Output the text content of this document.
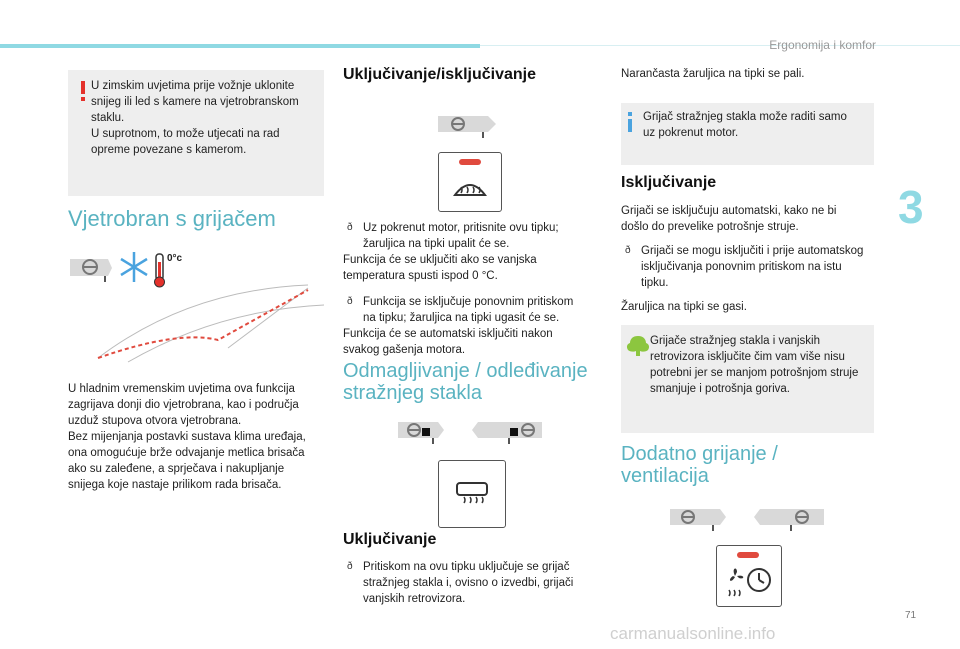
Ergonomija i komfor
3
U zimskim uvjetima prije vožnje uklonite
snijeg ili led s kamere na vjetrobranskom
staklu.
U suprotnom, to može utjecati na rad
opreme povezane s kamerom.
Vjetrobran s grijačem
0°c
U hladnim vremenskim uvjetima ova funkcija
zagrijava donji dio vjetrobrana, kao i područja
uzduž stupova otvora vjetrobrana.
Bez mijenjanja postavki sustava klima uređaja,
ona omogućuje brže odvajanje metlica brisača
ako su zaleđene, a sprječava i nakupljanje
snijega koje nastaje prilikom rada brisača.
Uključivanje/isključivanje
ð Uz pokrenut motor, pritisnite ovu tipku;
žaruljica na tipki upalit će se.
Funkcija će se uključiti ako se vanjska
temperatura spusti ispod 0 °C.
ð Funkcija se isključuje ponovnim pritiskom
na tipku; žaruljica na tipki ugasit će se.
Funkcija će se automatski isključiti nakon
svakog gašenja motora.
Odmagljivanje / odleđivanje
stražnjeg stakla
Uključivanje
ð Pritiskom na ovu tipku uključuje se grijač
stražnjeg stakla i, ovisno o izvedbi, grijači
vanjskih retrovizora.
Narančasta žaruljica na tipki se pali.
Grijač stražnjeg stakla može raditi samo
uz pokrenut motor.
Isključivanje
Grijači se isključuju automatski, kako ne bi
došlo do prevelike potrošnje struje.
ð Grijači se mogu isključiti i prije automatskog
isključivanja ponovnim pritiskom na istu
tipku.
Žaruljica na tipki se gasi.
Grijače stražnjeg stakla i vanjskih
retrovizora isključite čim vam više nisu
potrebni jer se manjom potrošnjom struje
smanjuje i potrošnja goriva.
Dodatno grijanje /
ventilacija
71
carmanualsonline.info
